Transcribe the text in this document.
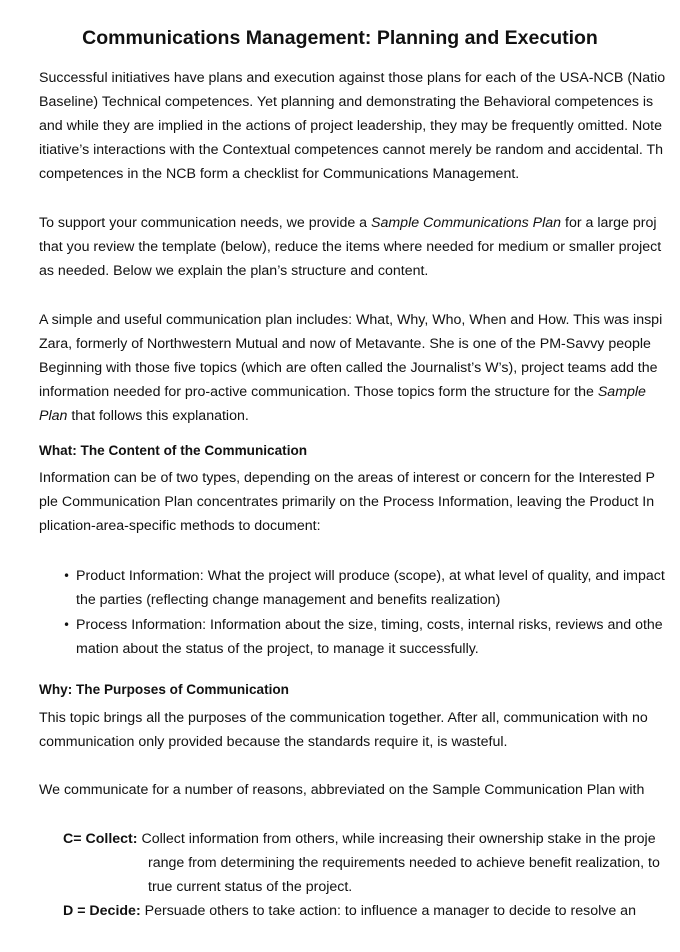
Communications Management: Planning and Execution
Successful initiatives have plans and execution against those plans for each of the USA-NCB (Natio
Baseline) Technical competences. Yet planning and demonstrating the Behavioral competences is
and while they are implied in the actions of project leadership, they may be frequently omitted. Note
itiative’s interactions with the Contextual competences cannot merely be random and accidental. Th
competences in the NCB form a checklist for Communications Management.
To support your communication needs, we provide a Sample Communications Plan for a large proj
that you review the template (below), reduce the items where needed for medium or smaller project
as needed. Below we explain the plan’s structure and content.
A simple and useful communication plan includes: What, Why, Who, When and How. This was inspi
Zara, formerly of Northwestern Mutual and now of Metavante. She is one of the PM-Savvy people
Beginning with those five topics (which are often called the Journalist’s W’s), project teams add the
information needed for pro-active communication. Those topics form the structure for the Sample
Plan that follows this explanation.
What: The Content of the Communication
Information can be of two types, depending on the areas of interest or concern for the Interested P
ple Communication Plan concentrates primarily on the Process Information, leaving the Product In
plication-area-specific methods to document:
• Product Information: What the project will produce (scope), at what level of quality, and impact
the parties (reflecting change management and benefits realization)
• Process Information: Information about the size, timing, costs, internal risks, reviews and othe
mation about the status of the project, to manage it successfully.
Why: The Purposes of Communication
This topic brings all the purposes of the communication together. After all, communication with no
communication only provided because the standards require it, is wasteful.
We communicate for a number of reasons, abbreviated on the Sample Communication Plan with
C= Collect: Collect information from others, while increasing their ownership stake in the proje
range from determining the requirements needed to achieve benefit realization, to
true current status of the project.
D = Decide: Persuade others to take action: to influence a manager to decide to resolve an
